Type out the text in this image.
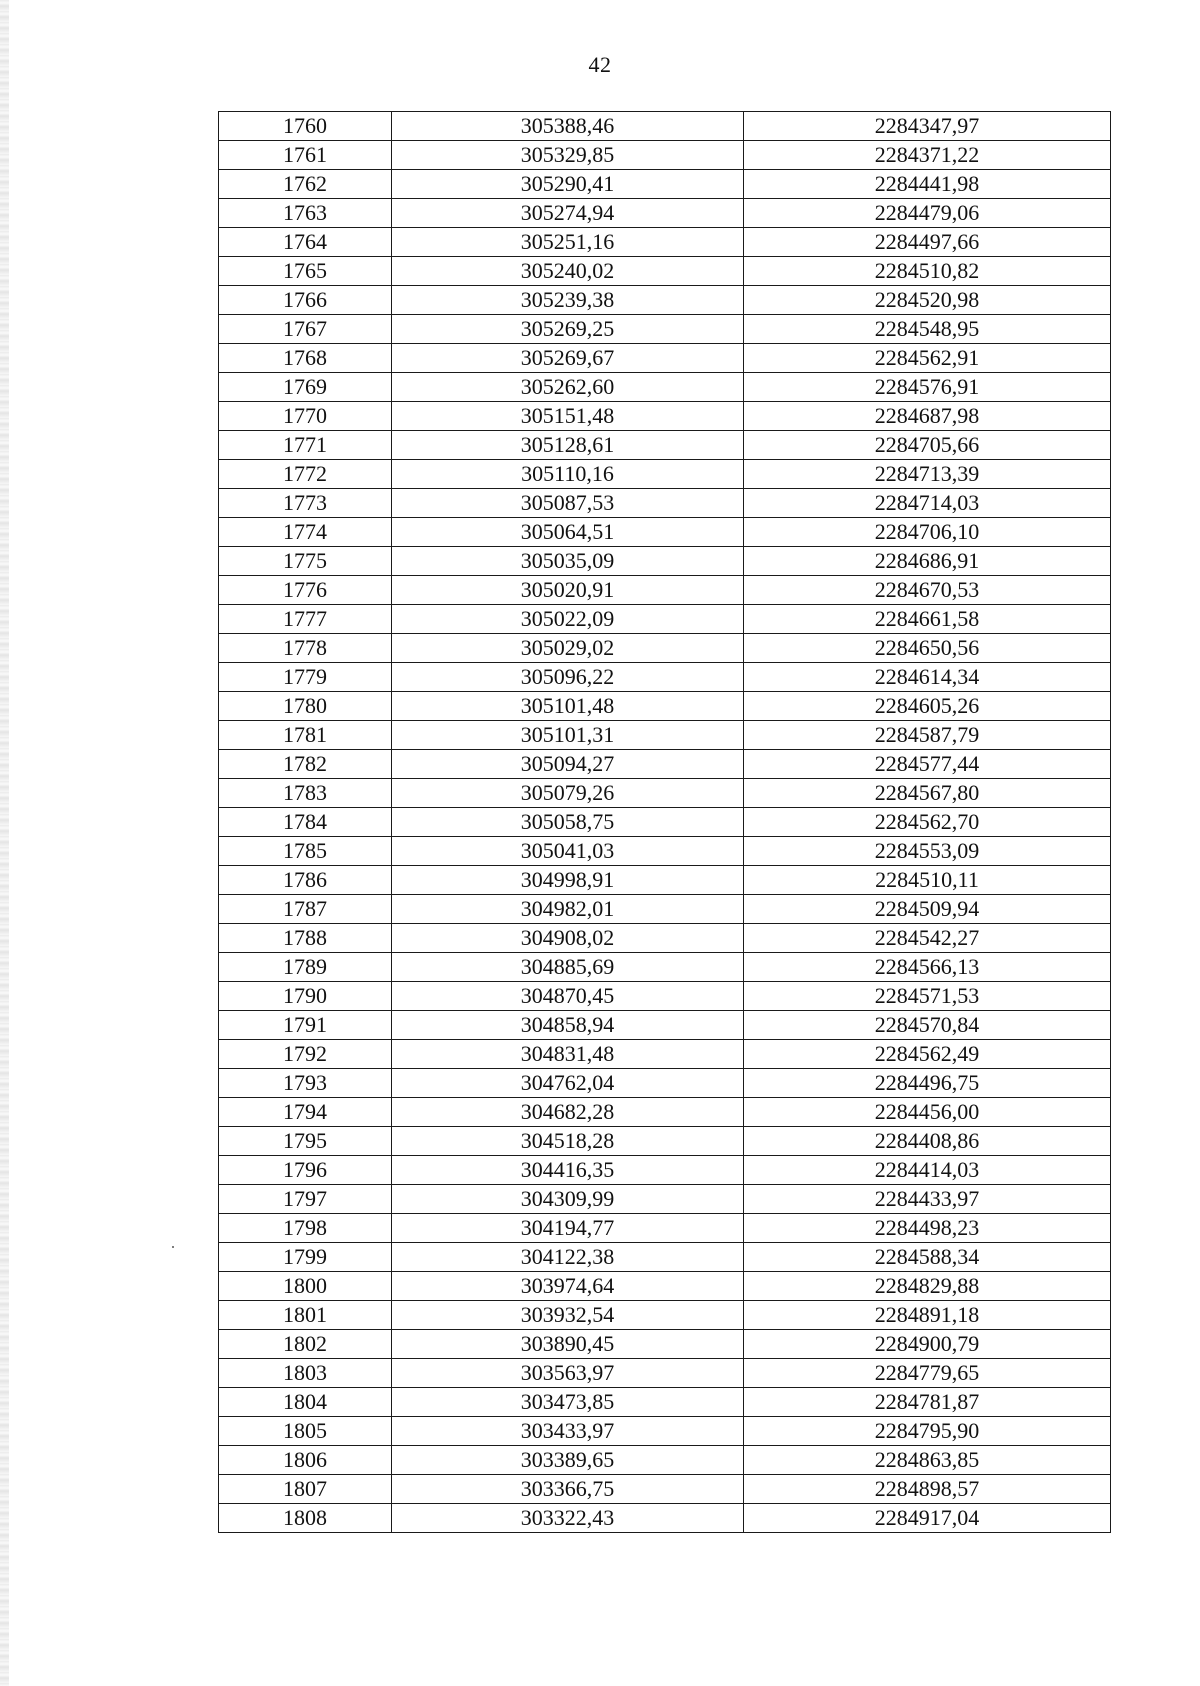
42
1760	305388,46	2284347,97
1761	305329,85	2284371,22
1762	305290,41	2284441,98
1763	305274,94	2284479,06
1764	305251,16	2284497,66
1765	305240,02	2284510,82
1766	305239,38	2284520,98
1767	305269,25	2284548,95
1768	305269,67	2284562,91
1769	305262,60	2284576,91
1770	305151,48	2284687,98
1771	305128,61	2284705,66
1772	305110,16	2284713,39
1773	305087,53	2284714,03
1774	305064,51	2284706,10
1775	305035,09	2284686,91
1776	305020,91	2284670,53
1777	305022,09	2284661,58
1778	305029,02	2284650,56
1779	305096,22	2284614,34
1780	305101,48	2284605,26
1781	305101,31	2284587,79
1782	305094,27	2284577,44
1783	305079,26	2284567,80
1784	305058,75	2284562,70
1785	305041,03	2284553,09
1786	304998,91	2284510,11
1787	304982,01	2284509,94
1788	304908,02	2284542,27
1789	304885,69	2284566,13
1790	304870,45	2284571,53
1791	304858,94	2284570,84
1792	304831,48	2284562,49
1793	304762,04	2284496,75
1794	304682,28	2284456,00
1795	304518,28	2284408,86
1796	304416,35	2284414,03
1797	304309,99	2284433,97
1798	304194,77	2284498,23
1799	304122,38	2284588,34
1800	303974,64	2284829,88
1801	303932,54	2284891,18
1802	303890,45	2284900,79
1803	303563,97	2284779,65
1804	303473,85	2284781,87
1805	303433,97	2284795,90
1806	303389,65	2284863,85
1807	303366,75	2284898,57
1808	303322,43	2284917,04
